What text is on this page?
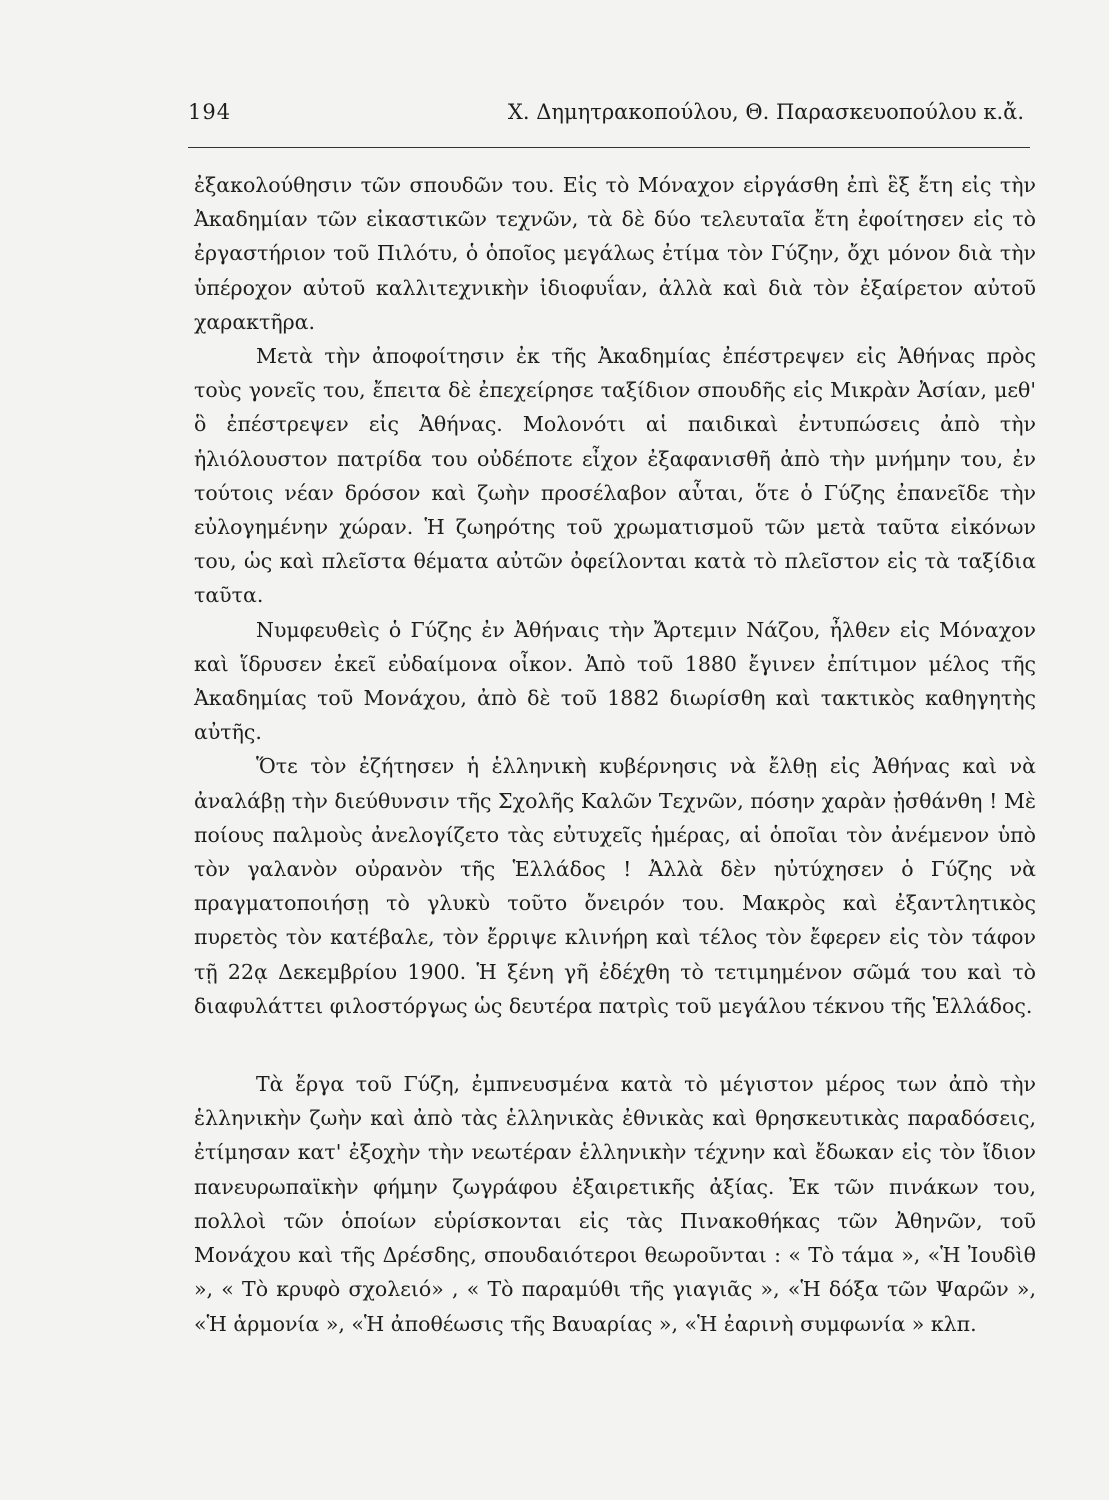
194	Χ. Δημητρακοπούλου, Θ. Παρασκευοπούλου κ.ἄ.

ἐξακολούθησιν τῶν σπουδῶν του. Εἰς τὸ Μόναχον εἰργάσθη ἐπὶ ἓξ ἔτη εἰς τὴν Ἀκαδημίαν τῶν εἰκαστικῶν τεχνῶν, τὰ δὲ δύο τελευταῖα ἔτη ἐφοίτησεν εἰς τὸ ἐργαστήριον τοῦ Πιλότυ, ὁ ὁποῖος μεγάλως ἐτίμα τὸν Γύζην, ὄχι μόνον διὰ τὴν ὑπέροχον αὐτοῦ καλλιτεχνικὴν ἰδιοφυΐαν, ἀλλὰ καὶ διὰ τὸν ἐξαίρετον αὐτοῦ χαρακτῆρα.

Μετὰ τὴν ἀποφοίτησιν ἐκ τῆς Ἀκαδημίας ἐπέστρεψεν εἰς Ἀθήνας πρὸς τοὺς γονεῖς του, ἔπειτα δὲ ἐπεχείρησε ταξίδιον σπουδῆς εἰς Μικρὰν Ἀσίαν, μεθ' ὃ ἐπέστρεψεν εἰς Ἀθήνας. Μολονότι αἱ παιδικαὶ ἐντυπώσεις ἀπὸ τὴν ἡλιόλουστον πατρίδα του οὐδέποτε εἶχον ἐξαφανισθῆ ἀπὸ τὴν μνήμην του, ἐν τούτοις νέαν δρόσον καὶ ζωὴν προσέλαβον αὗται, ὅτε ὁ Γύζης ἐπανεῖδε τὴν εὐλογημένην χώραν. Ἡ ζωηρότης τοῦ χρωματισμοῦ τῶν μετὰ ταῦτα εἰκόνων του, ὡς καὶ πλεῖστα θέματα αὐτῶν ὀφείλονται κατὰ τὸ πλεῖστον εἰς τὰ ταξίδια ταῦτα.

Νυμφευθεὶς ὁ Γύζης ἐν Ἀθήναις τὴν Ἄρτεμιν Νάζου, ἦλθεν εἰς Μόναχον καὶ ἵδρυσεν ἐκεῖ εὐδαίμονα οἶκον. Ἀπὸ τοῦ 1880 ἔγινεν ἐπίτιμον μέλος τῆς Ἀκαδημίας τοῦ Μονάχου, ἀπὸ δὲ τοῦ 1882 διωρίσθη καὶ τακτικὸς καθηγητὴς αὐτῆς.

Ὅτε τὸν ἐζήτησεν ἡ ἑλληνικὴ κυβέρνησις νὰ ἔλθῃ εἰς Ἀθήνας καὶ νὰ ἀναλάβῃ τὴν διεύθυνσιν τῆς Σχολῆς Καλῶν Τεχνῶν, πόσην χαρὰν ᾐσθάνθη ! Μὲ ποίους παλμοὺς ἀνελογίζετο τὰς εὐτυχεῖς ἡμέρας, αἱ ὁποῖαι τὸν ἀνέμενον ὑπὸ τὸν γαλανὸν οὐρανὸν τῆς Ἑλλάδος ! Ἀλλὰ δὲν ηὐτύχησεν ὁ Γύζης νὰ πραγματοποιήσῃ τὸ γλυκὺ τοῦτο ὄνειρόν του. Μακρὸς καὶ ἐξαντλητικὸς πυρετὸς τὸν κατέβαλε, τὸν ἔρριψε κλινήρη καὶ τέλος τὸν ἔφερεν εἰς τὸν τάφον τῇ 22ᾳ Δεκεμβρίου 1900. Ἡ ξένη γῆ ἐδέχθη τὸ τετιμημένον σῶμά του καὶ τὸ διαφυλάττει φιλοστόργως ὡς δευτέρα πατρὶς τοῦ μεγάλου τέκνου τῆς Ἑλλάδος.

Τὰ ἔργα τοῦ Γύζη, ἐμπνευσμένα κατὰ τὸ μέγιστον μέρος των ἀπὸ τὴν ἑλληνικὴν ζωὴν καὶ ἀπὸ τὰς ἑλληνικὰς ἐθνικὰς καὶ θρησκευτικὰς παραδόσεις, ἐτίμησαν κατ' ἐξοχὴν τὴν νεωτέραν ἑλληνικὴν τέχνην καὶ ἔδωκαν εἰς τὸν ἴδιον πανευρωπαϊκὴν φήμην ζωγράφου ἐξαιρετικῆς ἀξίας. Ἐκ τῶν πινάκων του, πολλοὶ τῶν ὁποίων εὑρίσκονται εἰς τὰς Πινακοθήκας τῶν Ἀθηνῶν, τοῦ Μονάχου καὶ τῆς Δρέσδης, σπουδαιότεροι θεωροῦνται : « Τὸ τάμα », «Ἡ Ἰουδὶθ », « Τὸ κρυφὸ σχολειό» , « Τὸ παραμύθι τῆς γιαγιᾶς », «Ἡ δόξα τῶν Ψαρῶν », «Ἡ ἁρμονία », «Ἡ ἀποθέωσις τῆς Βαυαρίας », «Ἡ ἐαρινὴ συμφωνία » κλπ.
